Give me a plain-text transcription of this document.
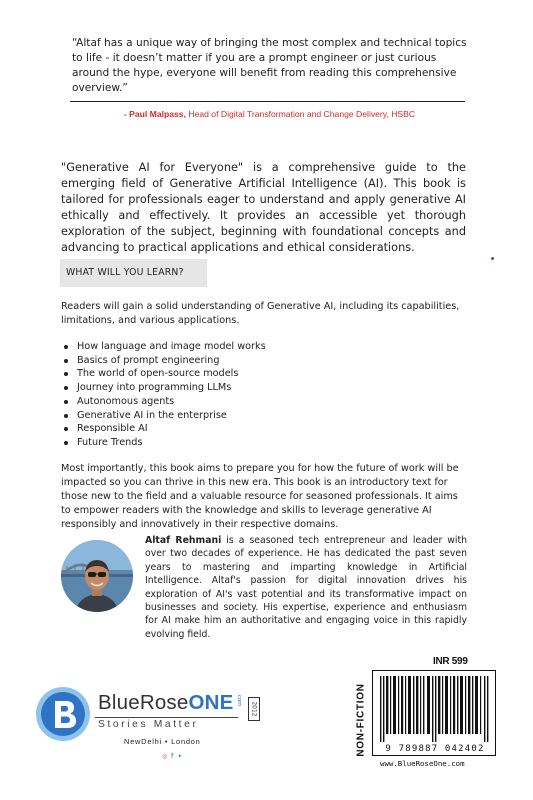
“Altaf has a unique way of bringing the most complex and technical topics to life - it doesn’t matter if you are a prompt engineer or just curious around the hype, everyone will benefit from reading this comprehensive overview.”

- Paul Malpass, Head of Digital Transformation and Change Delivery, HSBC

"Generative AI for Everyone" is a comprehensive guide to the emerging field of Generative Artificial Intelligence (AI). This book is tailored for professionals eager to understand and apply generative AI ethically and effectively. It provides an accessible yet thorough exploration of the subject, beginning with foundational concepts and advancing to practical applications and ethical considerations.

WHAT WILL YOU LEARN?

Readers will gain a solid understanding of Generative AI, including its capabilities, limitations, and various applications.

How language and image model works
Basics of prompt engineering
The world of open-source models
Journey into programming LLMs
Autonomous agents
Generative AI in the enterprise
Responsible AI
Future Trends

Most importantly, this book aims to prepare you for how the future of work will be impacted so you can thrive in this new era. This book is an introductory text for those new to the field and a valuable resource for seasoned professionals. It aims to empower readers with the knowledge and skills to leverage generative AI responsibly and innovatively in their respective domains.

Altaf Rehmani is a seasoned tech entrepreneur and leader with over two decades of experience. He has dedicated the past seven years to mastering and imparting knowledge in Artificial Intelligence. Altaf's passion for digital innovation drives his exploration of AI's vast potential and its transformative impact on businesses and society. His expertise, experience and enthusiasm for AI make him an authoritative and engaging voice in this rapidly evolving field.

INR 599
NON-FICTION	9 789887 042402
www.BlueRoseOne.com
BlueRoseONE .com
2012
Stories Matter
NewDelhi • London
◎ f ✦
